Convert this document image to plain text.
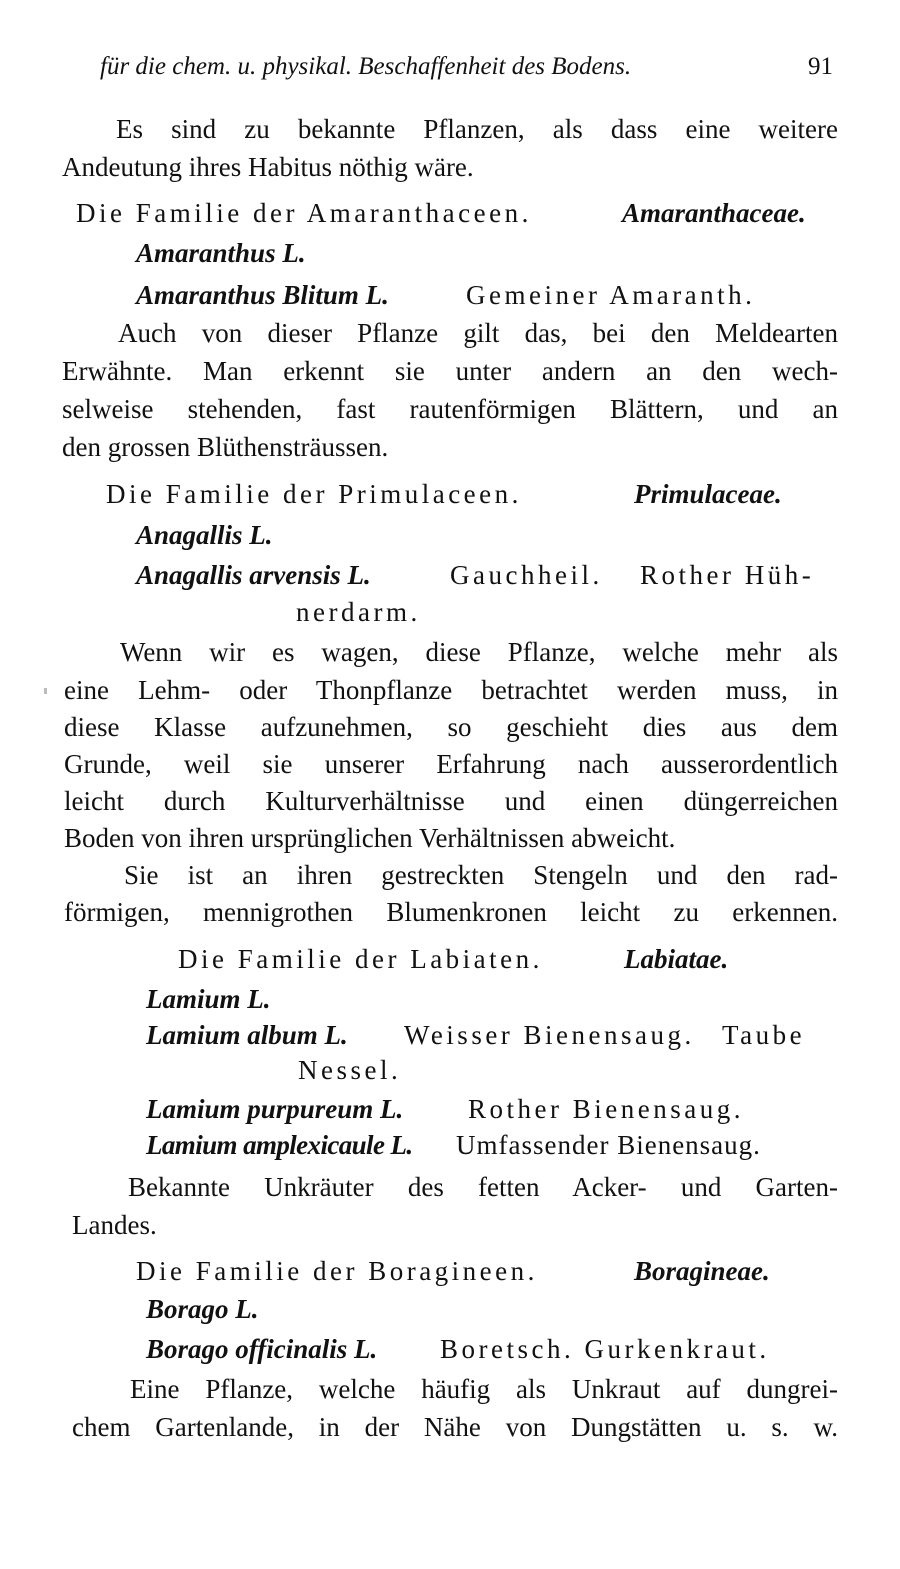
für die chem. u. physikal. Beschaffenheit des Bodens.	91
Es sind zu bekannte Pflanzen, als dass eine weitere
Andeutung ihres Habitus nöthig wäre.
Die Familie der Amaranthaceen.	Amaranthaceae.
Amaranthus L.
Amaranthus Blitum L.	Gemeiner Amaranth.
Auch von dieser Pflanze gilt das, bei den Meldearten
Erwähnte. Man erkennt sie unter andern an den wech-
selweise stehenden, fast rautenförmigen Blättern, und an
den grossen Blüthensträussen.
Die Familie der Primulaceen.	Primulaceae.
Anagallis L.
Anagallis arvensis L.	Gauchheil. Rother Hüh-
nerdarm.
Wenn wir es wagen, diese Pflanze, welche mehr als
eine Lehm- oder Thonpflanze betrachtet werden muss, in
diese Klasse aufzunehmen, so geschieht dies aus dem
Grunde, weil sie unserer Erfahrung nach ausserordentlich
leicht durch Kulturverhältnisse und einen düngerreichen
Boden von ihren ursprünglichen Verhältnissen abweicht.
Sie ist an ihren gestreckten Stengeln und den rad-
förmigen, mennigrothen Blumenkronen leicht zu erkennen.
Die Familie der Labiaten.	Labiatae.
Lamium L.
Lamium album L. Weisser Bienensaug. Taube
Nessel.
Lamium purpureum L. Rother Bienensaug.
Lamium amplexicaule L. Umfassender Bienensaug.
Bekannte Unkräuter des fetten Acker- und Garten-
Landes.
Die Familie der Boragineen.	Boragineae.
Borago L.
Borago officinalis L. Boretsch. Gurkenkraut.
Eine Pflanze, welche häufig als Unkraut auf dungrei-
chem Gartenlande, in der Nähe von Dungstätten u. s. w.
